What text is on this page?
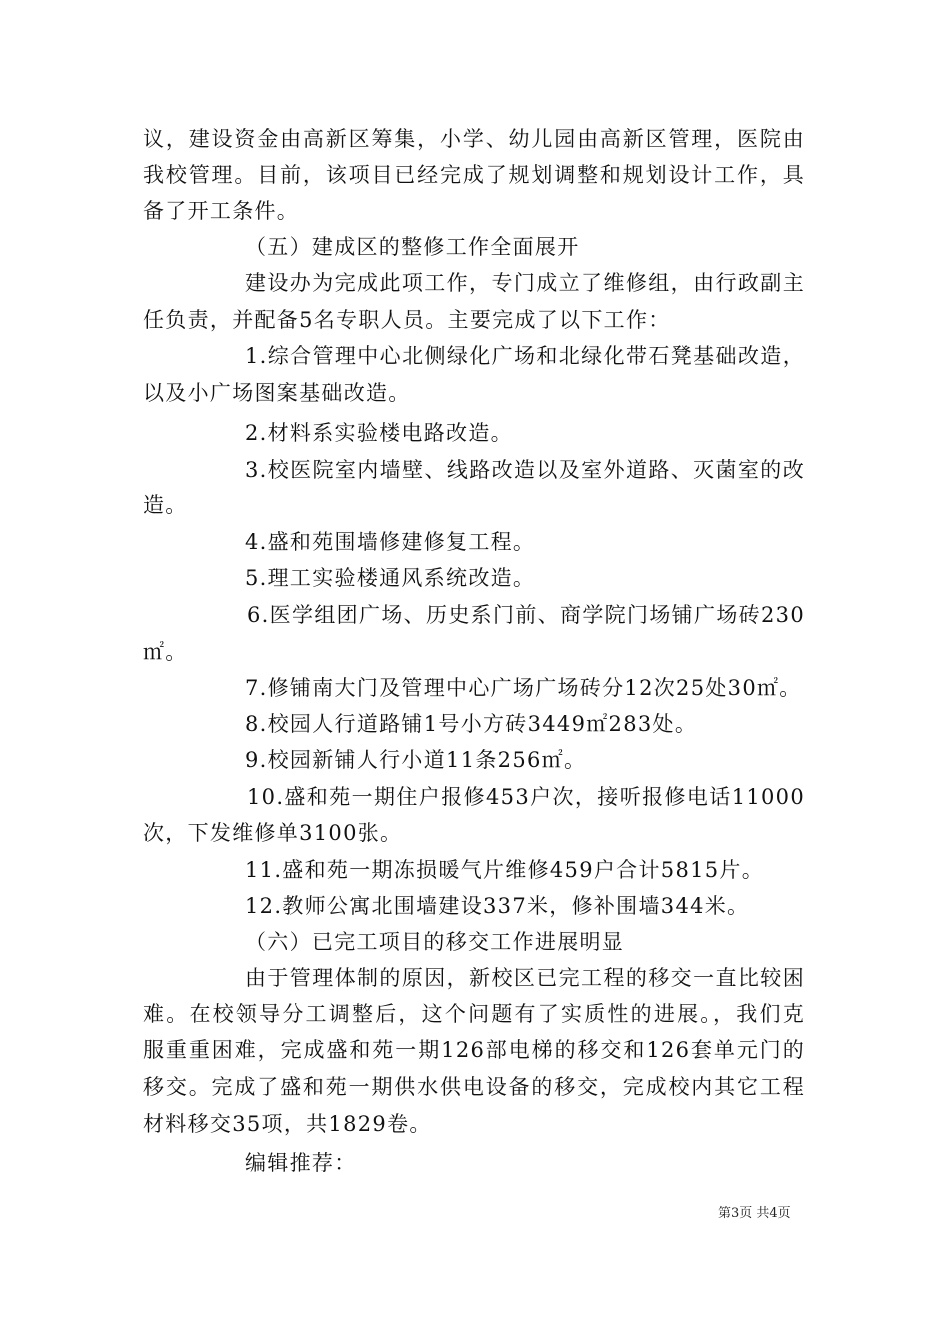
议，建设资金由高新区筹集，小学、幼儿园由高新区管理，医院由
我校管理。目前，该项目已经完成了规划调整和规划设计工作，具
备了开工条件。
（五）建成区的整修工作全面展开
建设办为完成此项工作，专门成立了维修组，由行政副主
任负责，并配备5名专职人员。主要完成了以下工作：
1.综合管理中心北侧绿化广场和北绿化带石凳基础改造，
以及小广场图案基础改造。
2.材料系实验楼电路改造。
3.校医院室内墙壁、线路改造以及室外道路、灭菌室的改
造。
4.盛和苑围墙修建修复工程。
5.理工实验楼通风系统改造。
6.医学组团广场、历史系门前、商学院门场铺广场砖230
㎡。
7.修铺南大门及管理中心广场广场砖分12次25处30㎡。
8.校园人行道路铺1号小方砖3449㎡283处。
9.校园新铺人行小道11条256㎡。
10.盛和苑一期住户报修453户次，接听报修电话11000
次，下发维修单3100张。
11.盛和苑一期冻损暖气片维修459户合计5815片。
12.教师公寓北围墙建设337米，修补围墙344米。
（六）已完工项目的移交工作进展明显
由于管理体制的原因，新校区已完工程的移交一直比较困
难。在校领导分工调整后，这个问题有了实质性的进展。，我们克
服重重困难，完成盛和苑一期126部电梯的移交和126套单元门的
移交。完成了盛和苑一期供水供电设备的移交，完成校内其它工程
材料移交35项，共1829卷。
编辑推荐：
第3页 共4页
